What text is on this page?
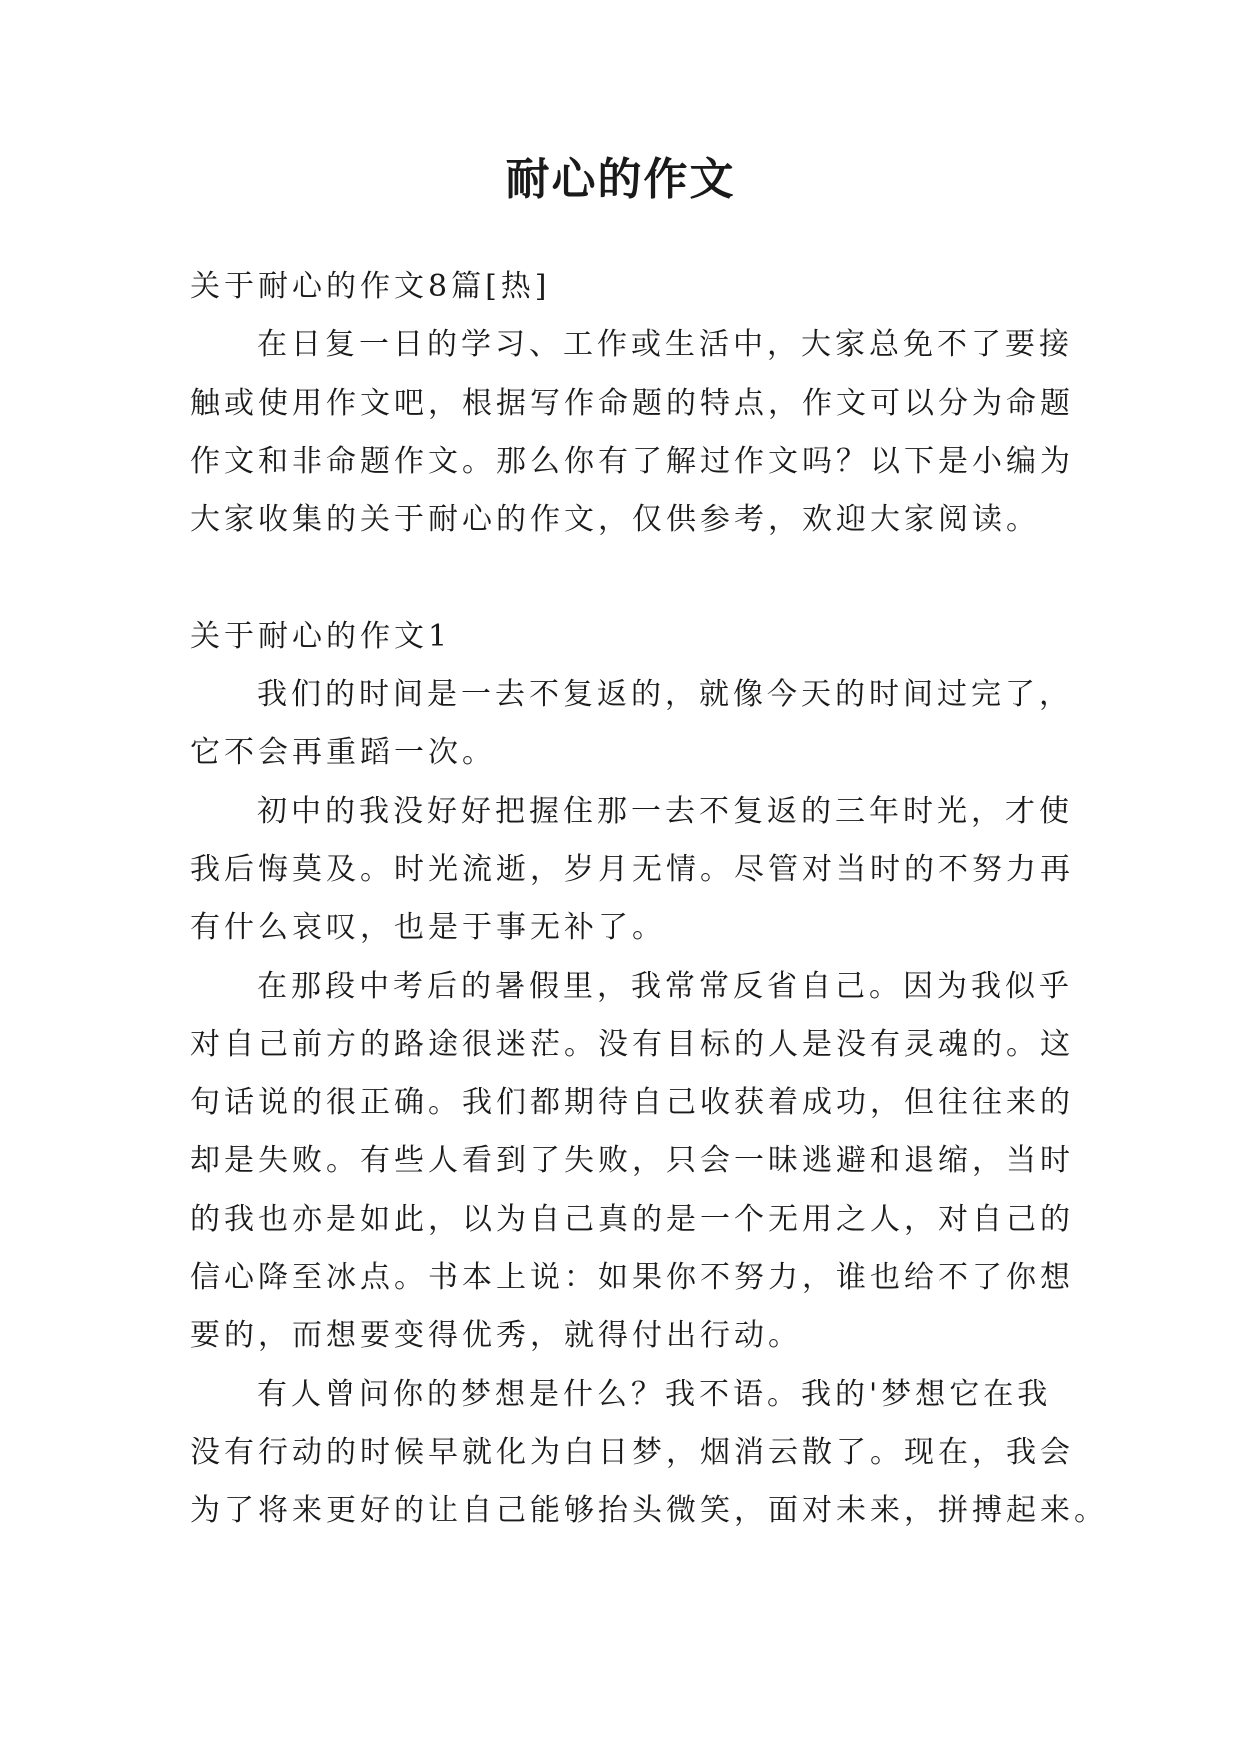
耐心的作文
关于耐心的作文8篇[热]
在日复一日的学习、工作或生活中，大家总免不了要接
触或使用作文吧，根据写作命题的特点，作文可以分为命题
作文和非命题作文。那么你有了解过作文吗？以下是小编为
大家收集的关于耐心的作文，仅供参考，欢迎大家阅读。
关于耐心的作文1
我们的时间是一去不复返的，就像今天的时间过完了，
它不会再重蹈一次。
初中的我没好好把握住那一去不复返的三年时光，才使
我后悔莫及。时光流逝，岁月无情。尽管对当时的不努力再
有什么哀叹，也是于事无补了。
在那段中考后的暑假里，我常常反省自己。因为我似乎
对自己前方的路途很迷茫。没有目标的人是没有灵魂的。这
句话说的很正确。我们都期待自己收获着成功，但往往来的
却是失败。有些人看到了失败，只会一昧逃避和退缩，当时
的我也亦是如此，以为自己真的是一个无用之人，对自己的
信心降至冰点。书本上说：如果你不努力，谁也给不了你想
要的，而想要变得优秀，就得付出行动。
有人曾问你的梦想是什么？我不语。我的'梦想它在我
没有行动的时候早就化为白日梦，烟消云散了。现在，我会
为了将来更好的让自己能够抬头微笑，面对未来，拼搏起来。
